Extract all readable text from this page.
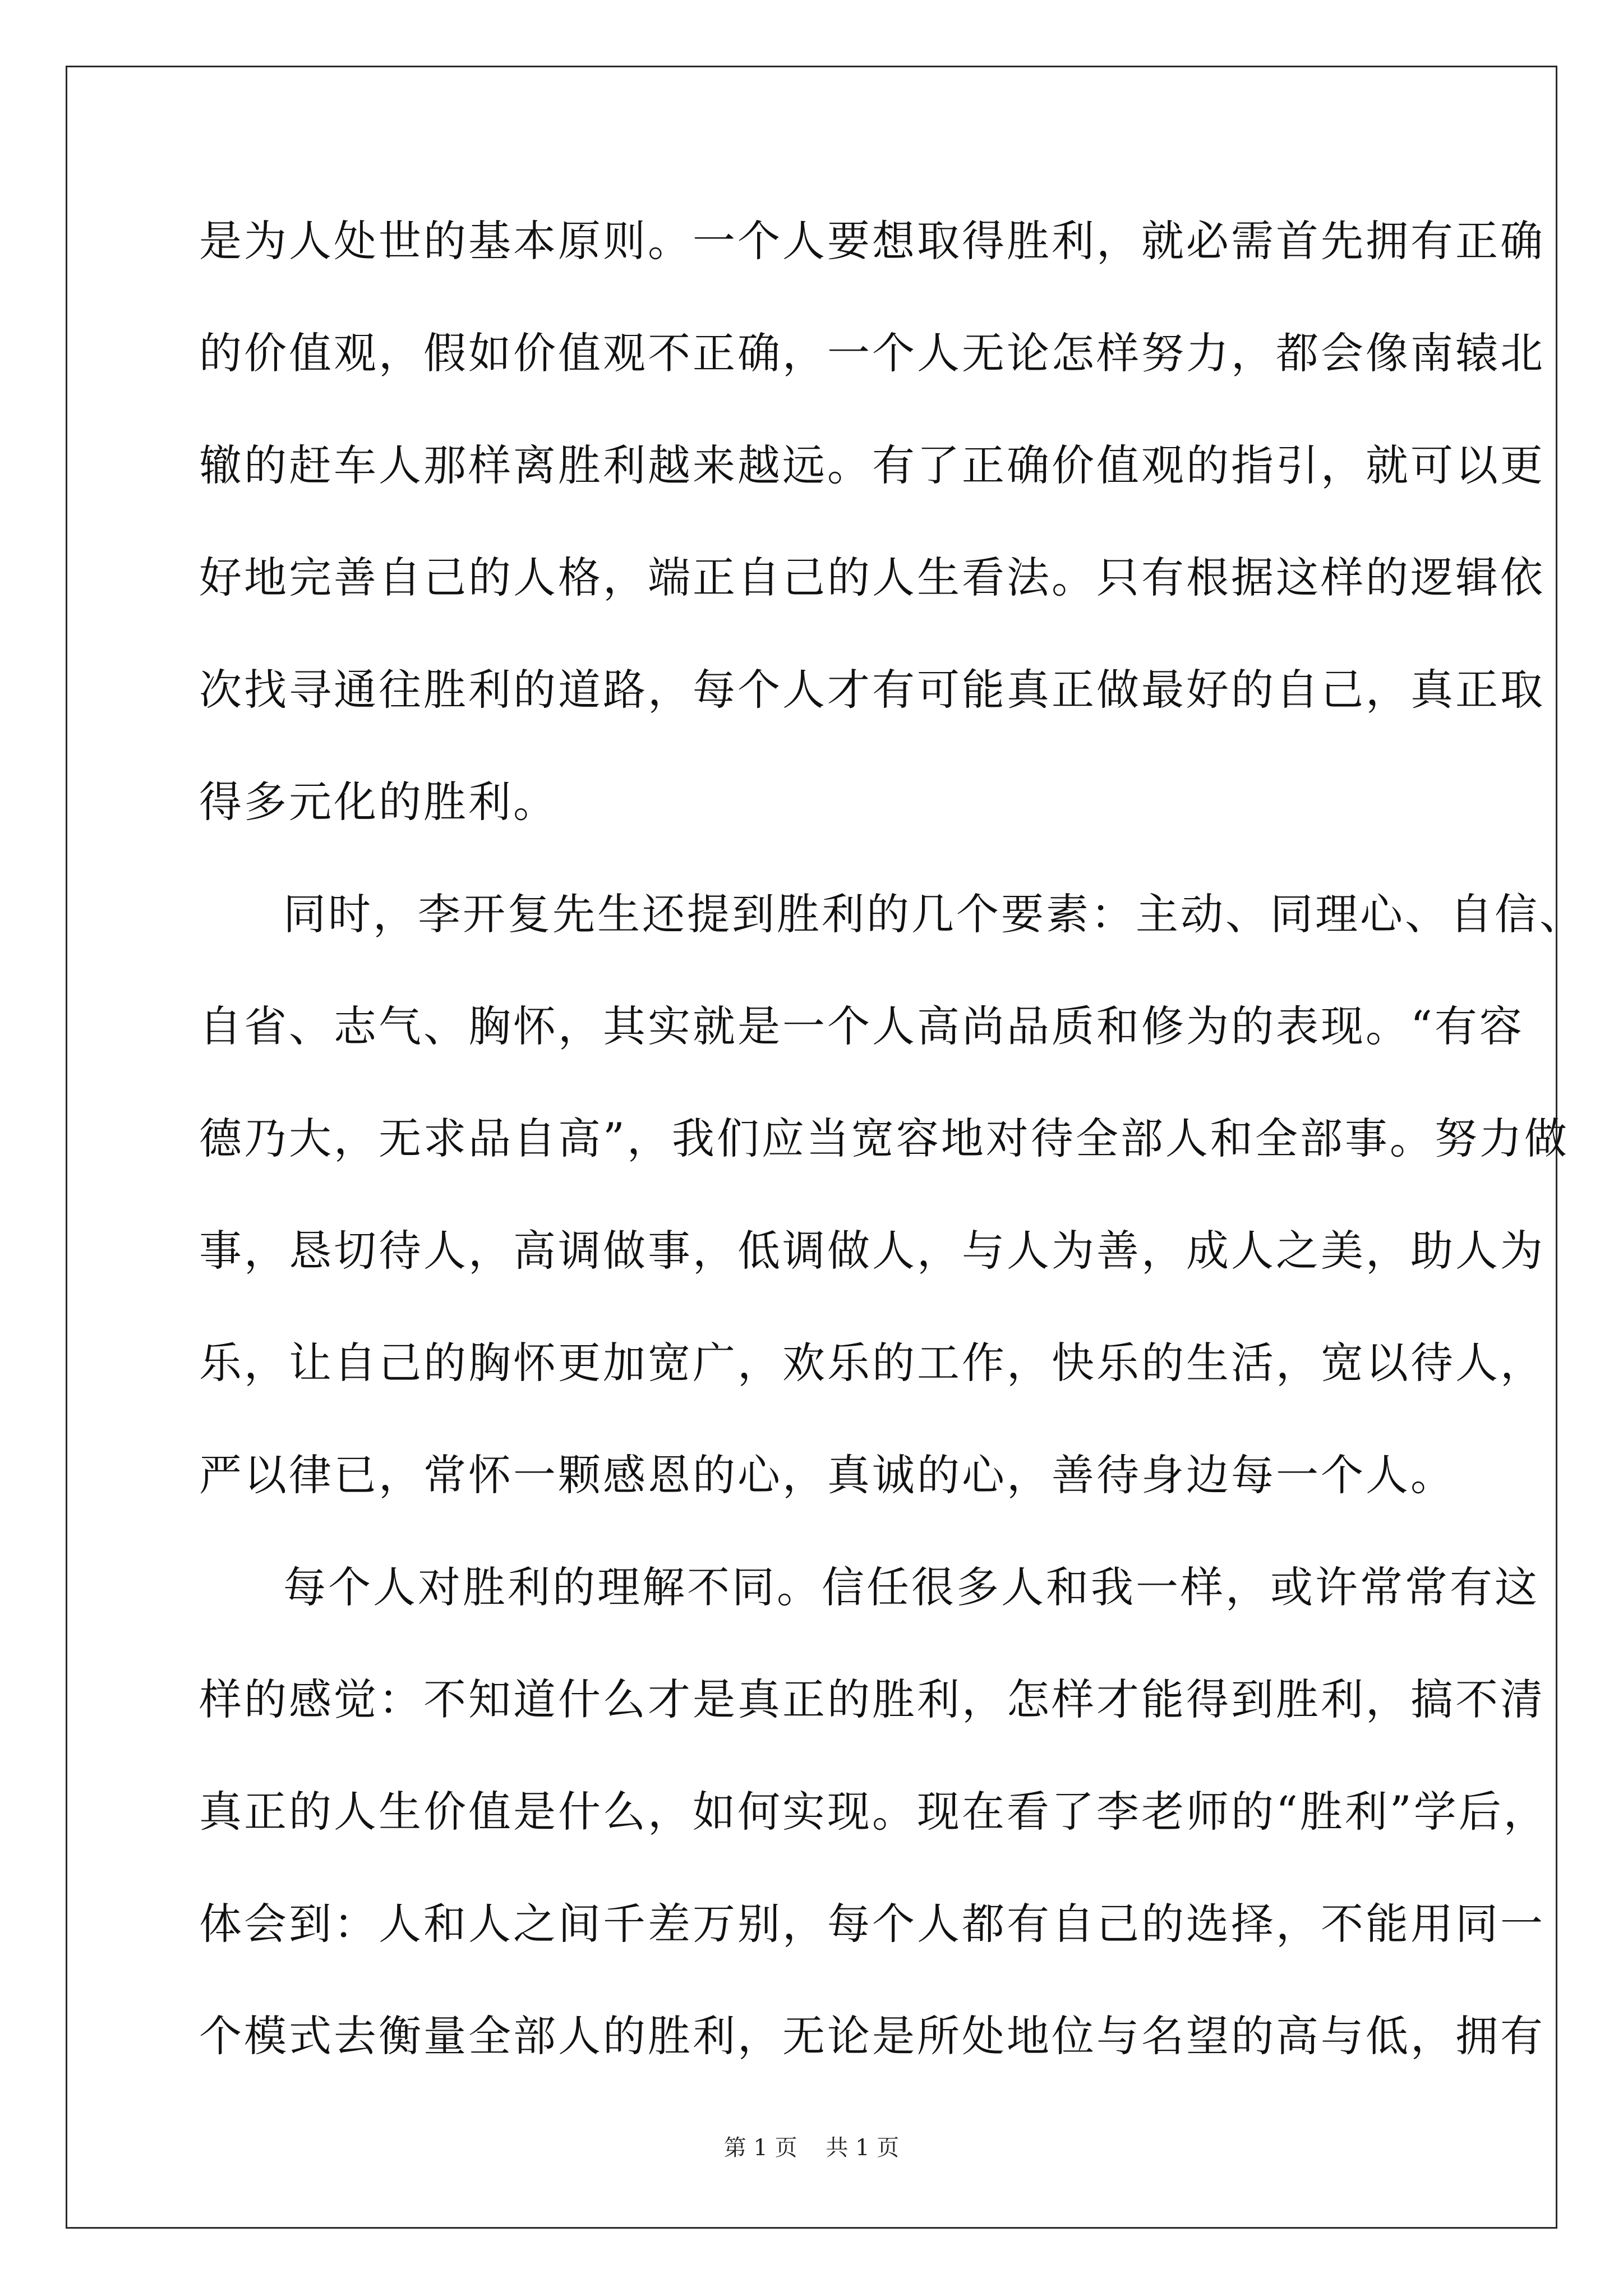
是为人处世的基本原则。一个人要想取得胜利，就必需首先拥有正确
的价值观，假如价值观不正确，一个人无论怎样努力，都会像南辕北
辙的赶车人那样离胜利越来越远。有了正确价值观的指引，就可以更
好地完善自己的人格，端正自己的人生看法。只有根据这样的逻辑依
次找寻通往胜利的道路，每个人才有可能真正做最好的自己，真正取
得多元化的胜利。
同时，李开复先生还提到胜利的几个要素：主动、同理心、自信、
自省、志气、胸怀，其实就是一个人高尚品质和修为的表现。“有容
德乃大，无求品自高”，我们应当宽容地对待全部人和全部事。努力做
事，恳切待人，高调做事，低调做人，与人为善，成人之美，助人为
乐，让自己的胸怀更加宽广，欢乐的工作，快乐的生活，宽以待人，
严以律已，常怀一颗感恩的心，真诚的心，善待身边每一个人。
每个人对胜利的理解不同。信任很多人和我一样，或许常常有这
样的感觉：不知道什么才是真正的胜利，怎样才能得到胜利，搞不清
真正的人生价值是什么，如何实现。现在看了李老师的“胜利”学后，
体会到：人和人之间千差万别，每个人都有自己的选择，不能用同一
个模式去衡量全部人的胜利，无论是所处地位与名望的高与低，拥有
第 1 页    共 1 页
